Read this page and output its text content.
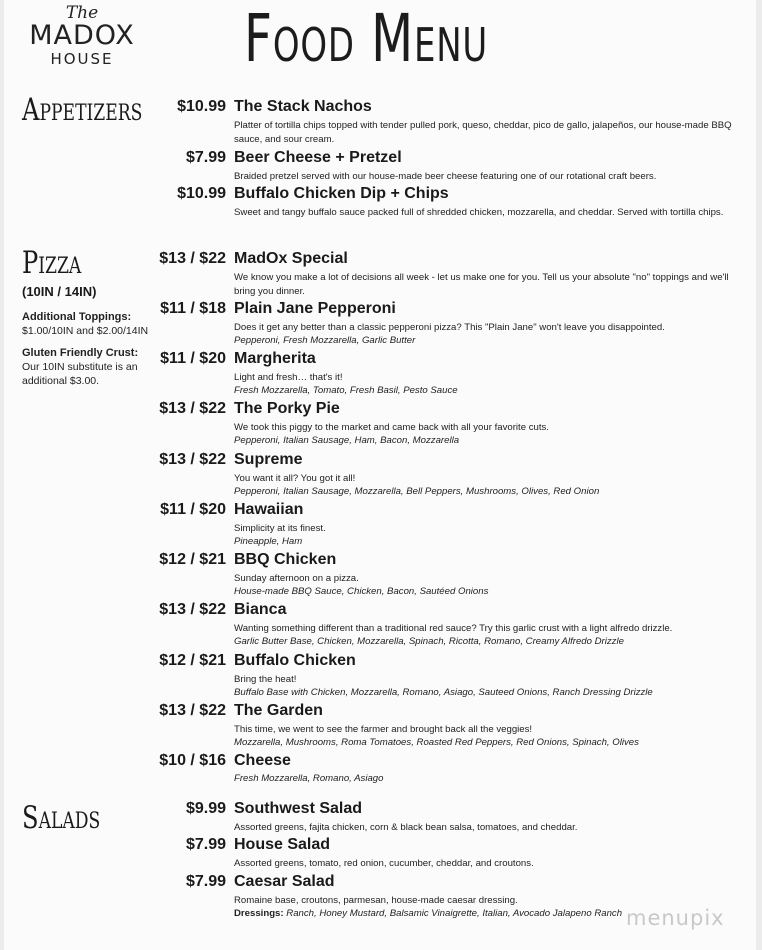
The
MADOX
HOUSE	Food Menu
Appetizers $10.99 The Stack Nachos
Platter of tortilla chips topped with tender pulled pork, queso, cheddar, pico de gallo, jalapeños, our house-made BBQ sauce, and sour cream.
$7.99 Beer Cheese + Pretzel
Braided pretzel served with our house-made beer cheese featuring one of our rotational craft beers.
$10.99 Buffalo Chicken Dip + Chips
Sweet and tangy buffalo sauce packed full of shredded chicken, mozzarella, and cheddar. Served with tortilla chips.
Pizza
(10IN / 14IN)
Additional Toppings:
$1.00/10IN and $2.00/14IN
Gluten Friendly Crust:
Our 10IN substitute is an additional $3.00.
$13 / $22 MadOx Special
We know you make a lot of decisions all week - let us make one for you. Tell us your absolute "no" toppings and we'll bring you dinner.
$11 / $18 Plain Jane Pepperoni
Does it get any better than a classic pepperoni pizza? This "Plain Jane" won't leave you disappointed.
Pepperoni, Fresh Mozzarella, Garlic Butter
$11 / $20 Margherita
Light and fresh… that's it!
Fresh Mozzarella, Tomato, Fresh Basil, Pesto Sauce
$13 / $22 The Porky Pie
We took this piggy to the market and came back with all your favorite cuts.
Pepperoni, Italian Sausage, Ham, Bacon, Mozzarella
$13 / $22 Supreme
You want it all? You got it all!
Pepperoni, Italian Sausage, Mozzarella, Bell Peppers, Mushrooms, Olives, Red Onion
$11 / $20 Hawaiian
Simplicity at its finest.
Pineapple, Ham
$12 / $21 BBQ Chicken
Sunday afternoon on a pizza.
House-made BBQ Sauce, Chicken, Bacon, Sautéed Onions
$13 / $22 Bianca
Wanting something different than a traditional red sauce? Try this garlic crust with a light alfredo drizzle.
Garlic Butter Base, Chicken, Mozzarella, Spinach, Ricotta, Romano, Creamy Alfredo Drizzle
$12 / $21 Buffalo Chicken
Bring the heat!
Buffalo Base with Chicken, Mozzarella, Romano, Asiago, Sauteed Onions, Ranch Dressing Drizzle
$13 / $22 The Garden
This time, we went to see the farmer and brought back all the veggies!
Mozzarella, Mushrooms, Roma Tomatoes, Roasted Red Peppers, Red Onions, Spinach, Olives
$10 / $16 Cheese
Fresh Mozzarella, Romano, Asiago
Salads	$9.99 Southwest Salad
Assorted greens, fajita chicken, corn & black bean salsa, tomatoes, and cheddar.
$7.99 House Salad
Assorted greens, tomato, red onion, cucumber, cheddar, and croutons.
$7.99 Caesar Salad
Romaine base, croutons, parmesan, house-made caesar dressing.
Dressings: Ranch, Honey Mustard, Balsamic Vinaigrette, Italian, Avocado Jalapeno Ranch menupix
